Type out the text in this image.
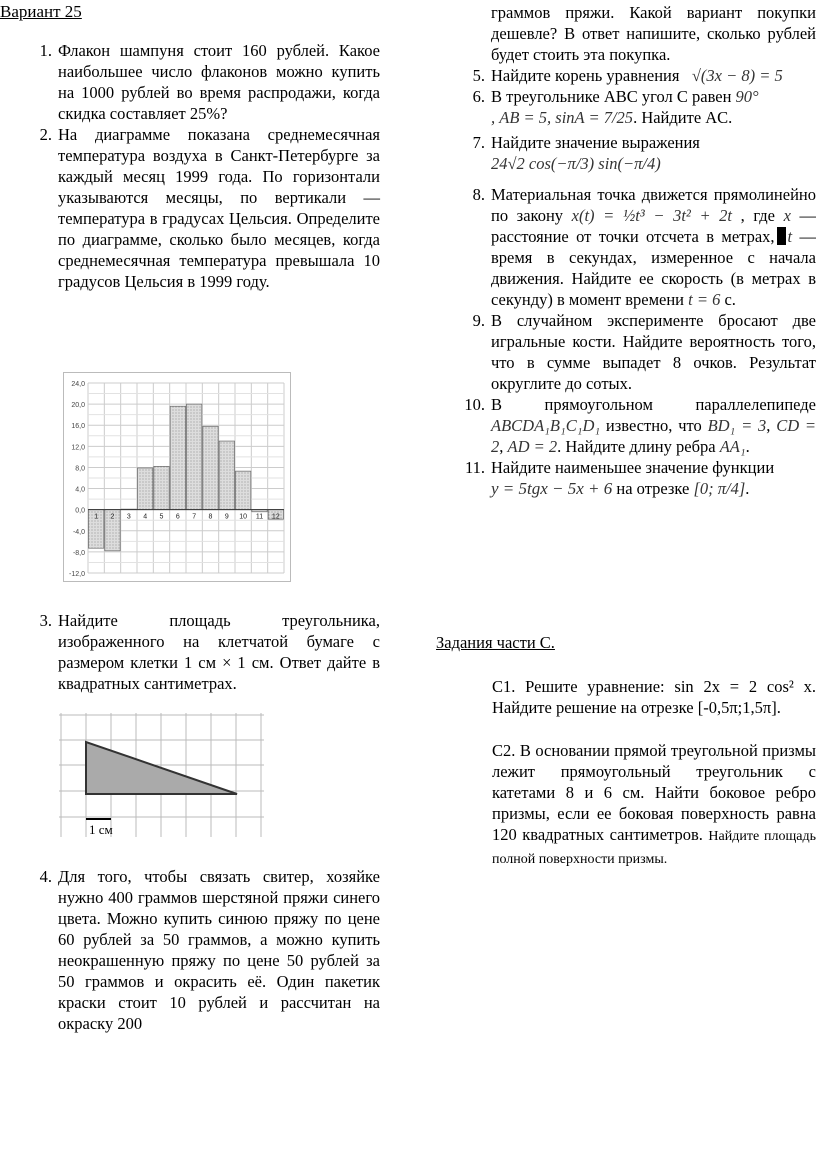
Вариант 25
1. Флакон шампуня стоит 160 рублей. Какое наибольшее число флаконов можно купить на 1000 рублей во время распродажи, когда скидка составляет 25%?
2. На диаграмме показана среднемесячная температура воздуха в Санкт-Петербурге за каждый месяц 1999 года. По горизонтали указываются месяцы, по вертикали — температура в градусах Цельсия. Определите по диаграмме, сколько было месяцев, когда среднемесячная температура превышала 10 градусов Цельсия в 1999 году.
24,0
20,0
16,0
12,0
8,0
4,0
0,0
-4,0
-8,0
-12,0
1 2 3 4 5 6 7 8 9 10 11 12
3. Найдите площадь треугольника, изображенного на клетчатой бумаге с размером клетки 1 см × 1 см. Ответ дайте в квадратных сантиметрах.
1 см
4. Для того, чтобы связать свитер, хозяйке нужно 400 граммов шерстяной пряжи синего цвета. Можно купить синюю пряжу по цене 60 рублей за 50 граммов, а можно купить неокрашенную пряжу по цене 50 рублей за 50 граммов и окрасить её. Один пакетик краски стоит 10 рублей и рассчитан на окраску 200
граммов пряжи. Какой вариант покупки дешевле? В ответ напишите, сколько рублей будет стоить эта покупка.
5. Найдите корень уравнения √(3x − 8) = 5
6. В треугольнике ABC угол C равен 90°
, AB = 5, sinA = 7/25. Найдите AC.
7. Найдите значение выражения
24√2 cos(−π/3) sin(−π/4)
8. Материальная точка движется прямолинейно по закону x(t) = ½t³ − 3t² + 2t , где x — расстояние от точки отсчета в метрах, t — время в секундах, измеренное с начала движения. Найдите ее скорость (в метрах в секунду) в момент времени t = 6 с.
9. В случайном эксперименте бросают две игральные кости. Найдите вероятность того, что в сумме выпадет 8 очков. Результат округлите до сотых.
10. В прямоугольном параллелепипеде ABCDA₁B₁C₁D₁ известно, что BD₁ = 3, CD = 2, AD = 2. Найдите длину ребра AA₁.
11. Найдите наименьшее значение функции
y = 5tgx − 5x + 6 на отрезке [0; π/4].
Задания части С.
С1. Решите уравнение: sin 2x = 2 cos² x. Найдите решение на отрезке [-0,5π;1,5π].
С2. В основании прямой треугольной призмы лежит прямоугольный треугольник с катетами 8 и 6 см. Найти боковое ребро призмы, если ее боковая поверхность равна 120 квадратных сантиметров. Найдите площадь полной поверхности призмы.
